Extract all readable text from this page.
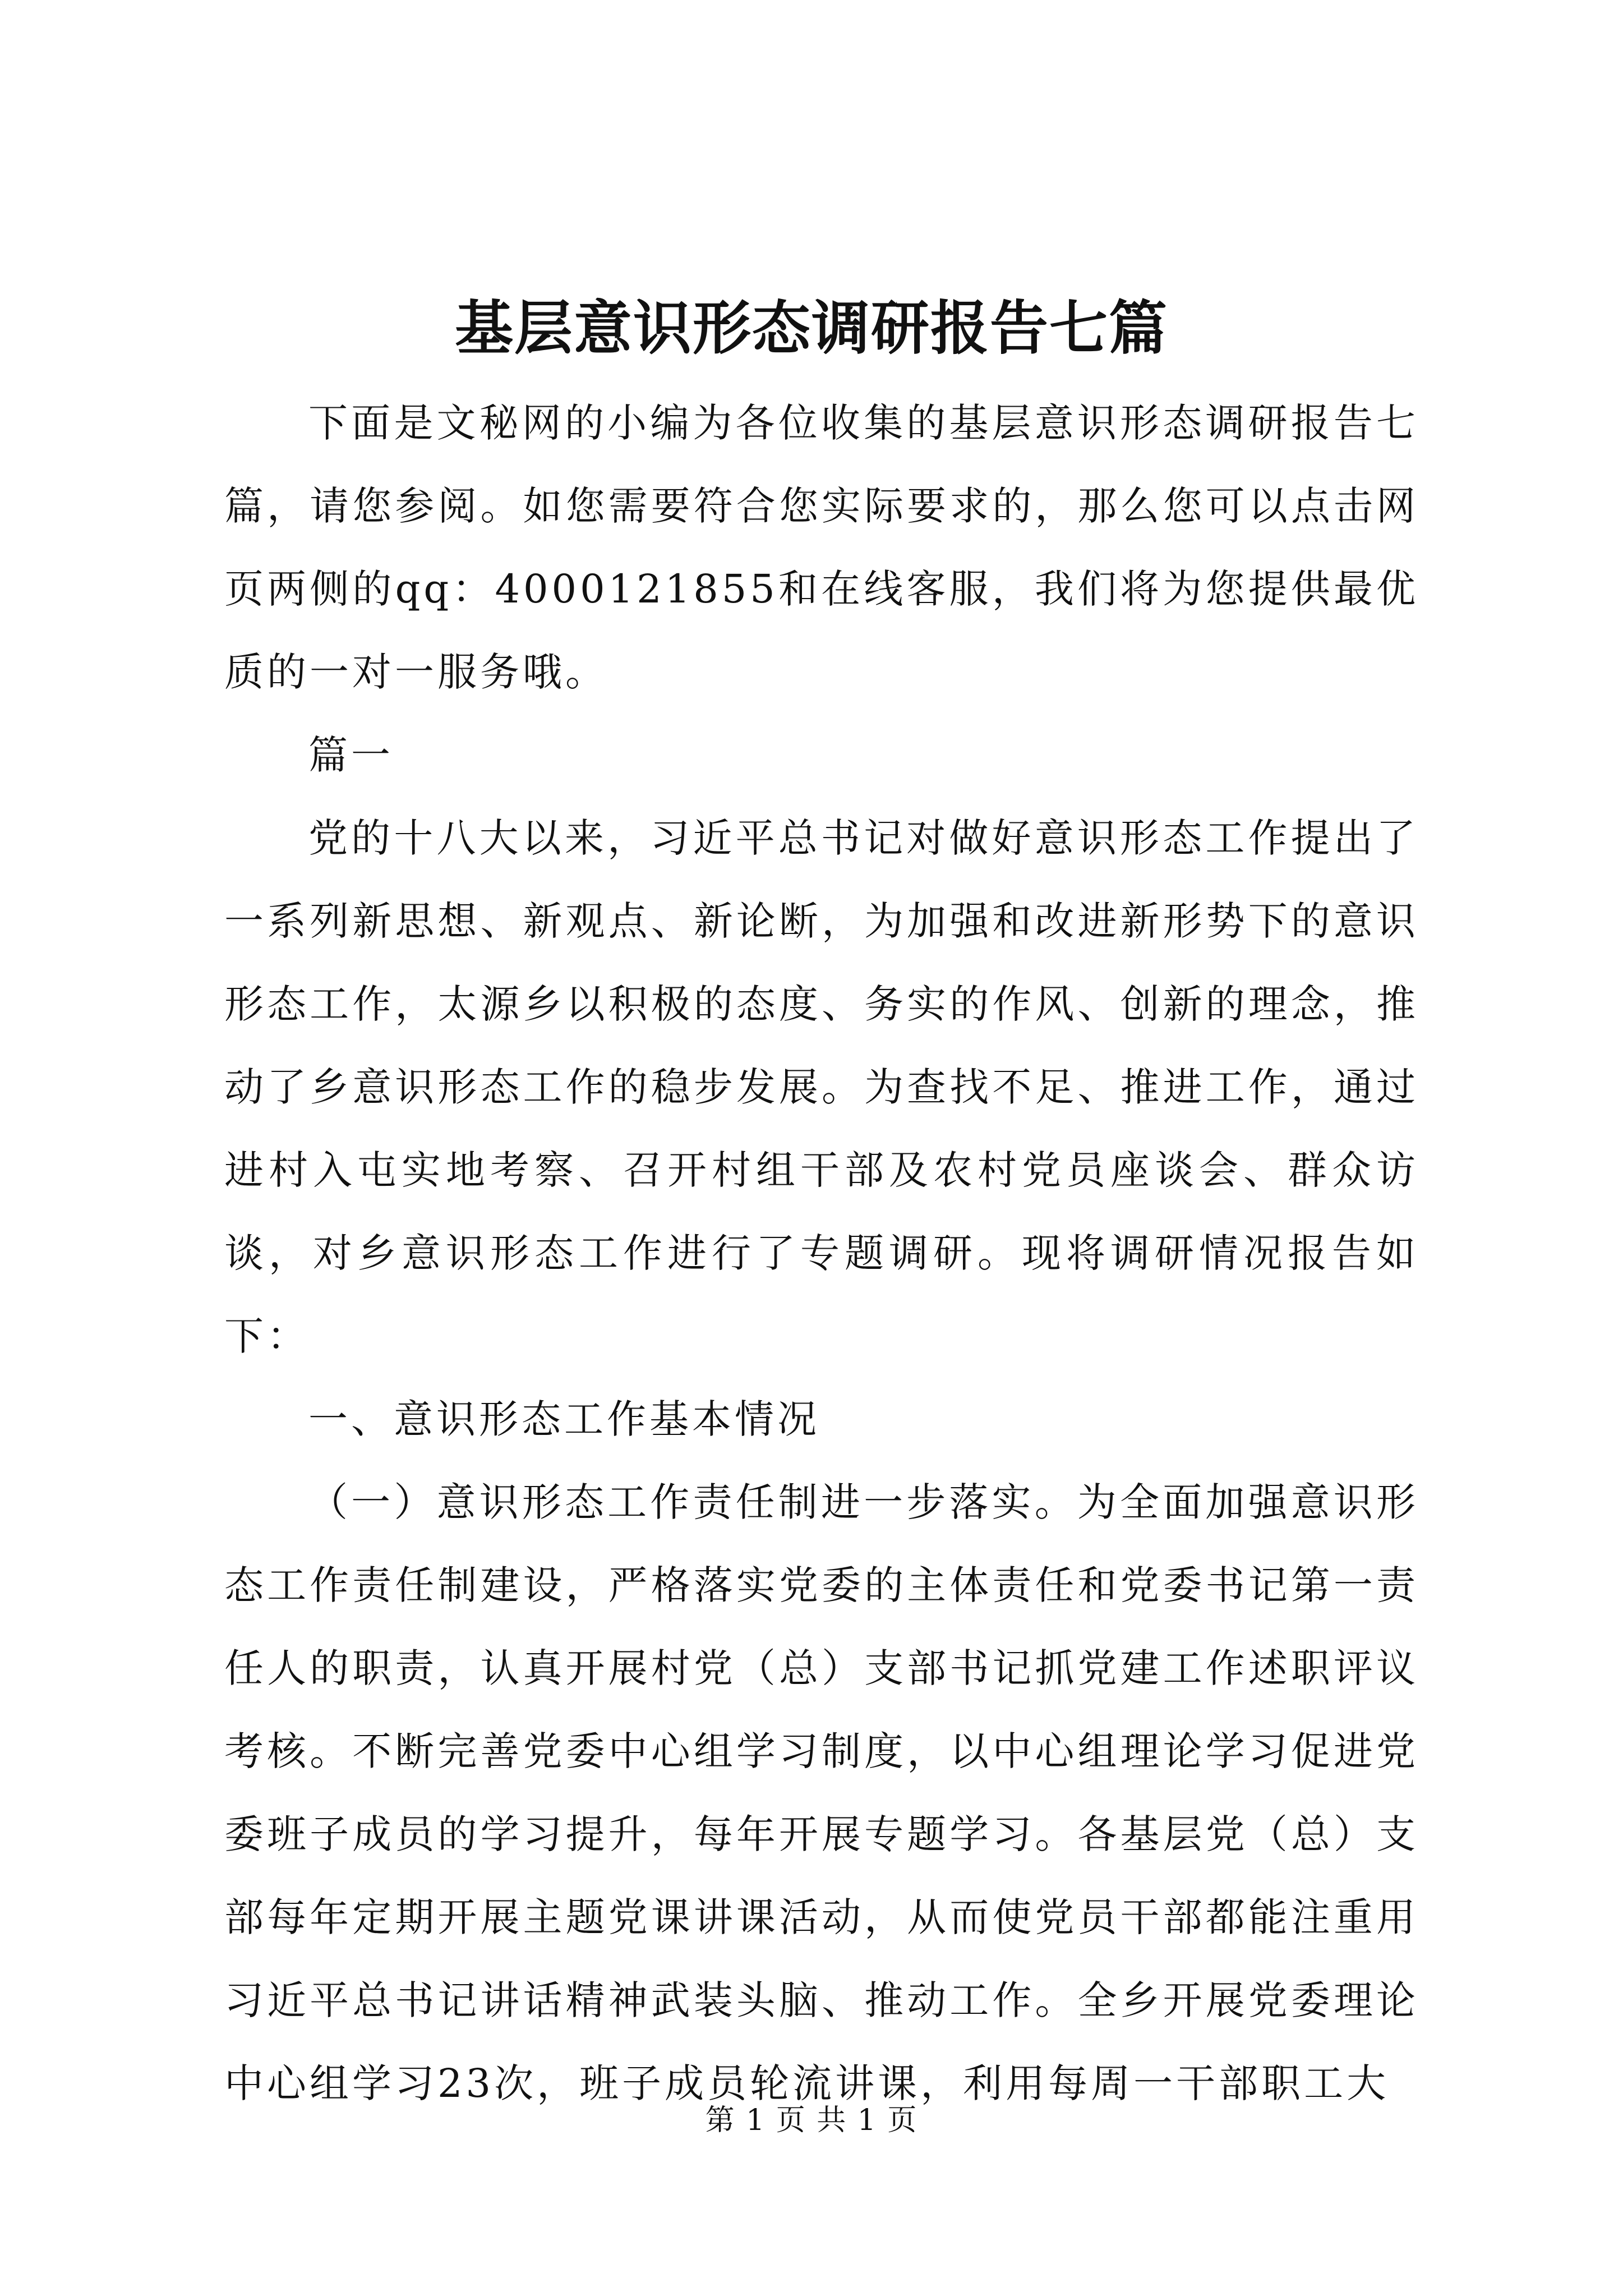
基层意识形态调研报告七篇

下面是文秘网的小编为各位收集的基层意识形态调研报告七篇，请您参阅。如您需要符合您实际要求的，那么您可以点击网页两侧的qq：4000121855和在线客服，我们将为您提供最优质的一对一服务哦。

篇一

党的十八大以来，习近平总书记对做好意识形态工作提出了一系列新思想、新观点、新论断，为加强和改进新形势下的意识形态工作，太源乡以积极的态度、务实的作风、创新的理念，推动了乡意识形态工作的稳步发展。为查找不足、推进工作，通过进村入屯实地考察、召开村组干部及农村党员座谈会、群众访谈，对乡意识形态工作进行了专题调研。现将调研情况报告如下：

一、意识形态工作基本情况

（一）意识形态工作责任制进一步落实。为全面加强意识形态工作责任制建设，严格落实党委的主体责任和党委书记第一责任人的职责，认真开展村党（总）支部书记抓党建工作述职评议考核。不断完善党委中心组学习制度，以中心组理论学习促进党委班子成员的学习提升，每年开展专题学习。各基层党（总）支部每年定期开展主题党课讲课活动，从而使党员干部都能注重用习近平总书记讲话精神武装头脑、推动工作。全乡开展党委理论中心组学习23次，班子成员轮流讲课，利用每周一干部职工大

第 1 页 共 1 页
